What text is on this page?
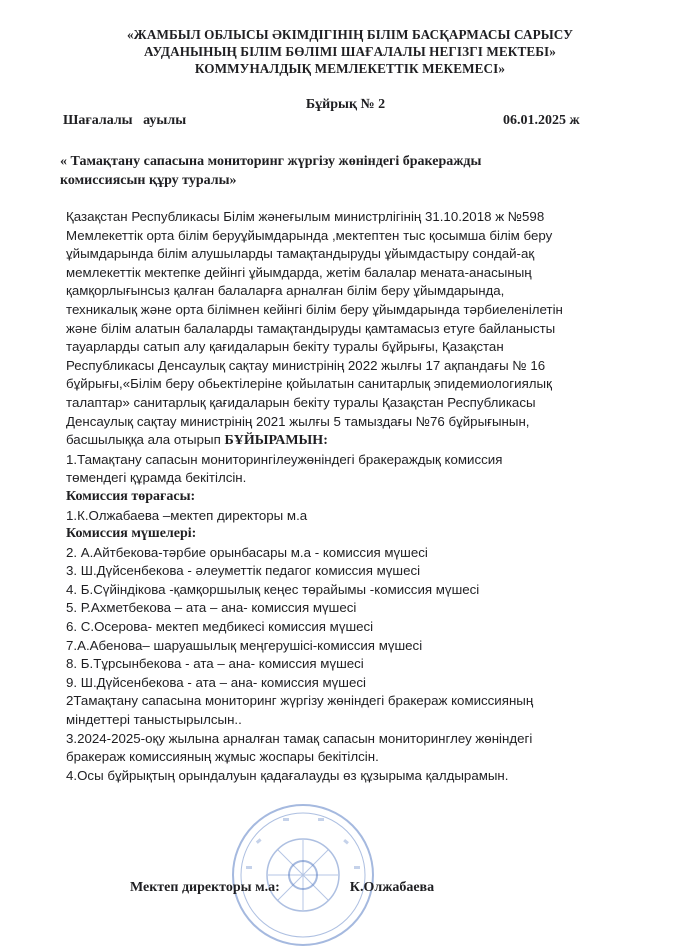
«ЖАМБЫЛ ОБЛЫСЫ ӘКІМДІГІНІҢ БІЛІМ БАСҚАРМАСЫ САРЫСУ
АУДАНЫНЫҢ БІЛІМ БӨЛІМІ ШАҒАЛАЛЫ НЕГІЗГІ МЕКТЕБІ»
КОММУНАЛДЫҚ МЕМЛЕКЕТТІК МЕКЕМЕСІ»
Бұйрық № 2
Шағалалы   ауылы	06.01.2025 ж
« Тамақтану сапасына мониторинг жүргізу жөніндегі бракеражды
комиссиясын құру туралы»

Қазақстан Республикасы Білім жәнеғылым министрлігінің 31.10.2018 ж №598
Мемлекеттік орта білім беруұйымдарында ,мектептен тыс қосымша білім беру
ұйымдарында білім алушыларды тамақтандыруды ұйымдастыру сондай-ақ
мемлекеттік мектепке дейінгі ұйымдарда, жетім балалар мената-анасының
қамқорлығынсыз қалған балаларға арналған білім беру ұйымдарында,
техникалық және орта білімнен кейінгі білім беру ұйымдарында тәрбиеленілетін
және білім алатын балаларды тамақтандыруды қамтамасыз етуге байланысты
тауарларды сатып алу қағидаларын бекіту туралы бұйрығы, Қазақстан
Республикасы Денсаулық сақтау министрінің 2022 жылғы 17 ақпандағы № 16
бұйрығы,«Білім беру обьектілеріне қойылатын санитарлық эпидемиологиялық
талаптар» санитарлық қағидаларын бекіту туралы Қазақстан Республикасы
Денсаулық сақтау министрінің 2021 жылғы 5 тамыздағы №76 бұйрығынын,
басшылыққа ала отырып БҰЙЫРАМЫН:

1.Тамақтану сапасын мониторингілеужөніндегі бракераждық комиссия
төмендегі құрамда бекітілсін.

Комиссия төрағасы:

1.К.Олжабаева –мектеп директоры м.а

Комиссия мүшелері:

2. А.Айтбекова-тәрбие орынбасары м.а - комиссия мүшесі
3. Ш.Дүйсенбекова - әлеуметтік педагог комиссия мүшесі
4. Б.Сүйіндікова -қамқоршылық кеңес төрайымы -комиссия мүшесі
5. Р.Ахметбекова – ата – ана- комиссия мүшесі
6. С.Осерова- мектеп медбикесі комиссия мүшесі
7.А.Абенова– шаруашылық меңгерушісі-комиссия мүшесі
8. Б.Тұрсынбекова - ата – ана- комиссия мүшесі
9. Ш.Дүйсенбекова - ата – ана- комиссия мүшесі

2Тамақтану сапасына мониторинг жүргізу жөніндегі бракераж комиссияның
міндеттері таныстырылсын..

3.2024-2025-оқу жылына арналған тамақ сапасын мониторинглеу жөніндегі
бракераж комиссияның жұмыс жоспары бекітілсін.

4.Осы бұйрықтың орындалуын қадағалауды өз құзырыма қалдырамын.

Мектеп директоры м.а:	К.Олжабаева
